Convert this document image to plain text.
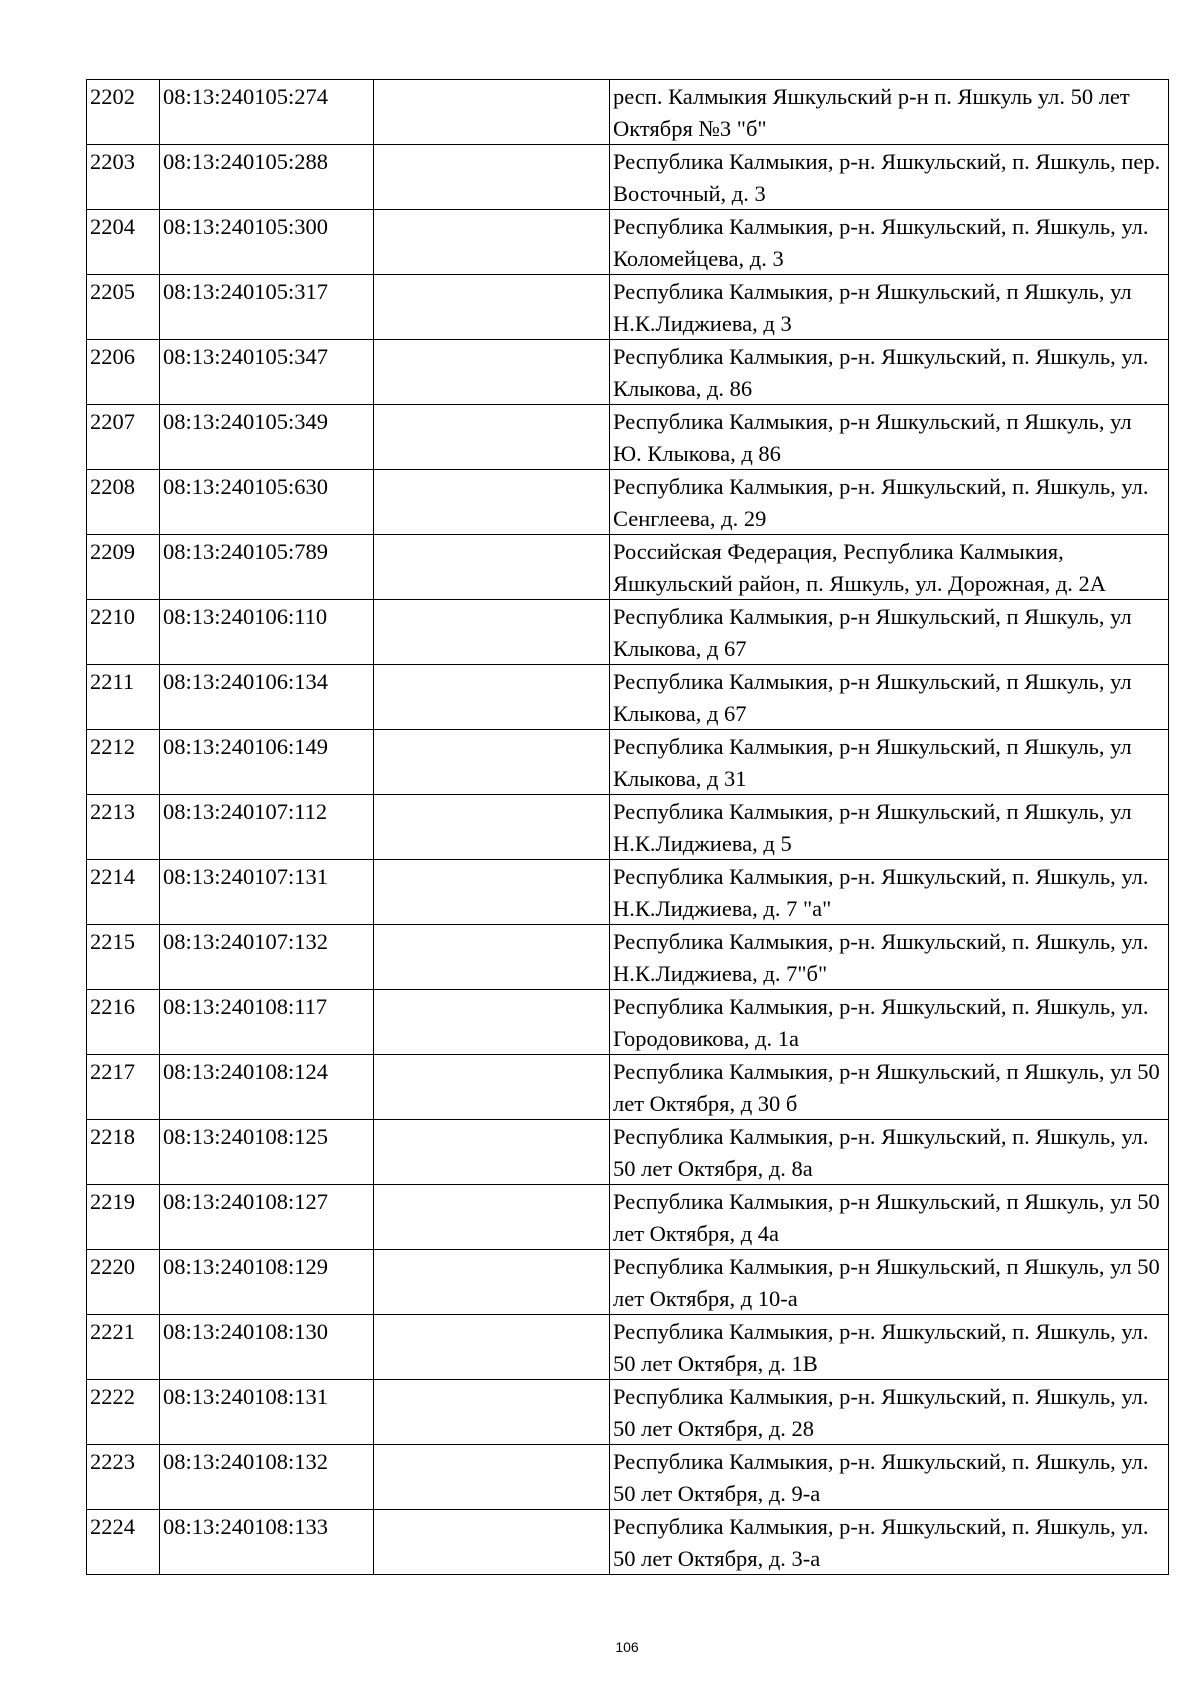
2202	08:13:240105:274		респ. Калмыкия Яшкульский р-н п. Яшкуль ул. 50 лет Октября №3 "б"
2203	08:13:240105:288		Республика Калмыкия, р-н. Яшкульский, п. Яшкуль, пер. Восточный, д. 3
2204	08:13:240105:300		Республика Калмыкия, р-н. Яшкульский, п. Яшкуль, ул. Коломейцева, д. 3
2205	08:13:240105:317		Республика Калмыкия, р-н Яшкульский, п Яшкуль, ул Н.К.Лиджиева, д 3
2206	08:13:240105:347		Республика Калмыкия, р-н. Яшкульский, п. Яшкуль, ул. Клыкова, д. 86
2207	08:13:240105:349		Республика Калмыкия, р-н Яшкульский, п Яшкуль, ул Ю. Клыкова, д 86
2208	08:13:240105:630		Республика Калмыкия, р-н. Яшкульский, п. Яшкуль, ул. Сенглеева, д. 29
2209	08:13:240105:789		Российская Федерация, Республика Калмыкия, Яшкульский район, п. Яшкуль, ул. Дорожная, д. 2А
2210	08:13:240106:110		Республика Калмыкия, р-н Яшкульский, п Яшкуль, ул Клыкова, д 67
2211	08:13:240106:134		Республика Калмыкия, р-н Яшкульский, п Яшкуль, ул Клыкова, д 67
2212	08:13:240106:149		Республика Калмыкия, р-н Яшкульский, п Яшкуль, ул Клыкова, д 31
2213	08:13:240107:112		Республика Калмыкия, р-н Яшкульский, п Яшкуль, ул Н.К.Лиджиева, д 5
2214	08:13:240107:131		Республика Калмыкия, р-н. Яшкульский, п. Яшкуль, ул. Н.К.Лиджиева, д. 7 "а"
2215	08:13:240107:132		Республика Калмыкия, р-н. Яшкульский, п. Яшкуль, ул. Н.К.Лиджиева, д. 7"б"
2216	08:13:240108:117		Республика Калмыкия, р-н. Яшкульский, п. Яшкуль, ул. Городовикова, д. 1а
2217	08:13:240108:124		Республика Калмыкия, р-н Яшкульский, п Яшкуль, ул 50 лет Октября, д 30 б
2218	08:13:240108:125		Республика Калмыкия, р-н. Яшкульский, п. Яшкуль, ул. 50 лет Октября, д. 8а
2219	08:13:240108:127		Республика Калмыкия, р-н Яшкульский, п Яшкуль, ул 50 лет Октября, д 4а
2220	08:13:240108:129		Республика Калмыкия, р-н Яшкульский, п Яшкуль, ул 50 лет Октября, д 10-а
2221	08:13:240108:130		Республика Калмыкия, р-н. Яшкульский, п. Яшкуль, ул. 50 лет Октября, д. 1В
2222	08:13:240108:131		Республика Калмыкия, р-н. Яшкульский, п. Яшкуль, ул. 50 лет Октября, д. 28
2223	08:13:240108:132		Республика Калмыкия, р-н. Яшкульский, п. Яшкуль, ул. 50 лет Октября, д. 9-а
2224	08:13:240108:133		Республика Калмыкия, р-н. Яшкульский, п. Яшкуль, ул. 50 лет Октября, д. 3-а
106
